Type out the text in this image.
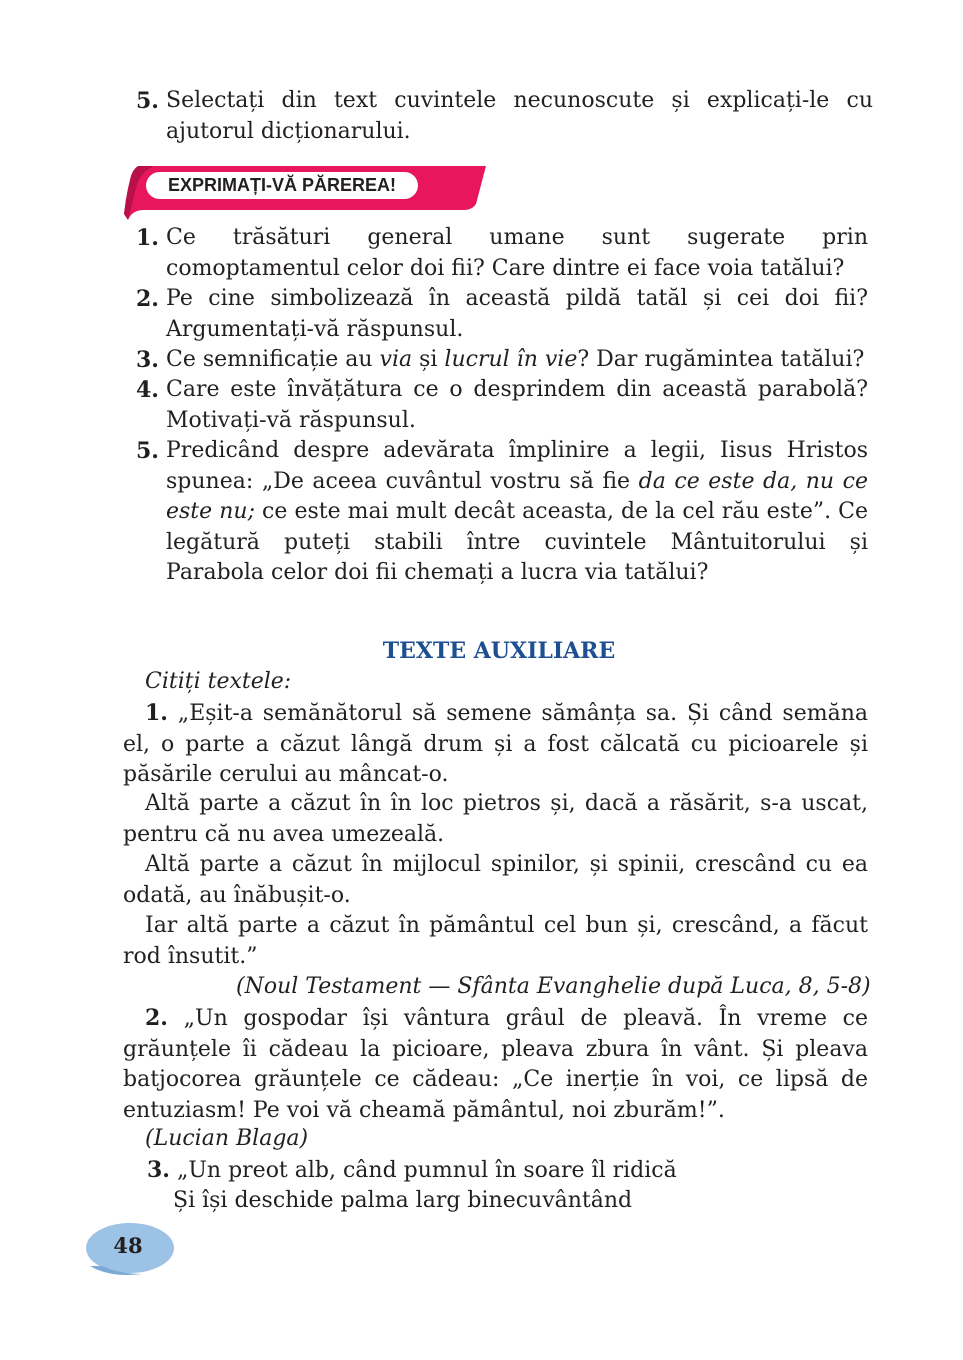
5. Selectați din text cuvintele necunoscute și explicați-le cu ajutorul dicționarului.
EXPRIMAȚI-VĂ PĂREREA!
1. Ce trăsături general umane sunt sugerate prin comoptamentul celor doi fii? Care dintre ei face voia tatălui?
2. Pe cine simbolizează în această pildă tatăl și cei doi fii? Argumentați-vă răspunsul.
3. Ce semnificație au via și lucrul în vie? Dar rugămintea tatălui?
4. Care este învățătura ce o desprindem din această parabolă? Motivați-vă răspunsul.
5. Predicând despre adevărata împlinire a legii, Iisus Hristos spunea: „De aceea cuvântul vostru să fie da ce este da, nu ce este nu; ce este mai mult decât aceasta, de la cel rău este”. Ce legătură puteți stabili între cuvintele Mântuitorului și Parabola celor doi fii chemați a lucra via tatălui?
TEXTE AUXILIARE
Citiți textele:
1. „Eșit-a semănătorul să semene sămânța sa. Și când semăna el, o parte a căzut lângă drum și a fost călcată cu picioarele și păsările cerului au mâncat-o.
Altă parte a căzut în în loc pietros și, dacă a răsărit, s-a uscat, pentru că nu avea umezeală.
Altă parte a căzut în mijlocul spinilor, și spinii, crescând cu ea odată, au înăbușit-o.
Iar altă parte a căzut în pământul cel bun și, crescând, a făcut rod însutit.”
(Noul Testament — Sfânta Evanghelie după Luca, 8, 5-8)
2. „Un gospodar își vântura grâul de pleavă. În vreme ce grăunțele îi cădeau la picioare, pleava zbura în vânt. Și pleava batjocorea grăunțele ce cădeau: „Ce inerție în voi, ce lipsă de entuziasm! Pe voi vă cheamă pământul, noi zburăm!”.
(Lucian Blaga)
3. „Un preot alb, când pumnul în soare îl ridică
Și își deschide palma larg binecuvântând
48
